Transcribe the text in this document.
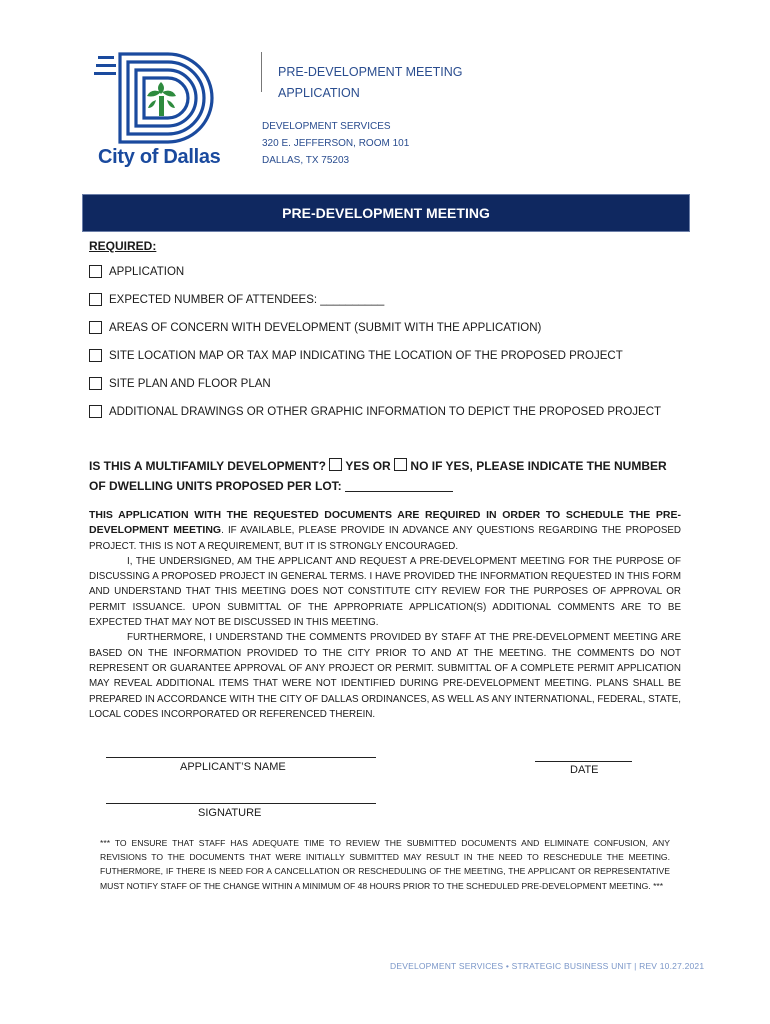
City of Dallas
PRE-DEVELOPMENT MEETING
APPLICATION
DEVELOPMENT SERVICES
320 E. JEFFERSON, ROOM 101
DALLAS, TX 75203
PRE-DEVELOPMENT MEETING
REQUIRED:
APPLICATION
EXPECTED NUMBER OF ATTENDEES: __________
AREAS OF CONCERN WITH DEVELOPMENT (SUBMIT WITH THE APPLICATION)
SITE LOCATION MAP OR TAX MAP INDICATING THE LOCATION OF THE PROPOSED PROJECT
SITE PLAN AND FLOOR PLAN
ADDITIONAL DRAWINGS OR OTHER GRAPHIC INFORMATION TO DEPICT THE PROPOSED PROJECT
IS THIS A MULTIFAMILY DEVELOPMENT? YES OR NO IF YES, PLEASE INDICATE THE NUMBER
OF DWELLING UNITS PROPOSED PER LOT:
THIS APPLICATION WITH THE REQUESTED DOCUMENTS ARE REQUIRED IN ORDER TO SCHEDULE THE PRE-DEVELOPMENT MEETING. IF AVAILABLE, PLEASE PROVIDE IN ADVANCE ANY QUESTIONS REGARDING THE PROPOSED PROJECT. THIS IS NOT A REQUIREMENT, BUT IT IS STRONGLY ENCOURAGED.
I, THE UNDERSIGNED, AM THE APPLICANT AND REQUEST A PRE-DEVELOPMENT MEETING FOR THE PURPOSE OF DISCUSSING A PROPOSED PROJECT IN GENERAL TERMS. I HAVE PROVIDED THE INFORMATION REQUESTED IN THIS FORM AND UNDERSTAND THAT THIS MEETING DOES NOT CONSTITUTE CITY REVIEW FOR THE PURPOSES OF APPROVAL OR PERMIT ISSUANCE. UPON SUBMITTAL OF THE APPROPRIATE APPLICATION(S) ADDITIONAL COMMENTS ARE TO BE EXPECTED THAT MAY NOT BE DISCUSSED IN THIS MEETING.
FURTHERMORE, I UNDERSTAND THE COMMENTS PROVIDED BY STAFF AT THE PRE-DEVELOPMENT MEETING ARE BASED ON THE INFORMATION PROVIDED TO THE CITY PRIOR TO AND AT THE MEETING. THE COMMENTS DO NOT REPRESENT OR GUARANTEE APPROVAL OF ANY PROJECT OR PERMIT. SUBMITTAL OF A COMPLETE PERMIT APPLICATION MAY REVEAL ADDITIONAL ITEMS THAT WERE NOT IDENTIFIED DURING PRE-DEVELOPMENT MEETING. PLANS SHALL BE PREPARED IN ACCORDANCE WITH THE CITY OF DALLAS ORDINANCES, AS WELL AS ANY INTERNATIONAL, FEDERAL, STATE, LOCAL CODES INCORPORATED OR REFERENCED THEREIN.
APPLICANT’S NAME	DATE
SIGNATURE
*** TO ENSURE THAT STAFF HAS ADEQUATE TIME TO REVIEW THE SUBMITTED DOCUMENTS AND ELIMINATE CONFUSION, ANY REVISIONS TO THE DOCUMENTS THAT WERE INITIALLY SUBMITTED MAY RESULT IN THE NEED TO RESCHEDULE THE MEETING. FUTHERMORE, IF THERE IS NEED FOR A CANCELLATION OR RESCHEDULING OF THE MEETING, THE APPLICANT OR REPRESENTATIVE MUST NOTIFY STAFF OF THE CHANGE WITHIN A MINIMUM OF 48 HOURS PRIOR TO THE SCHEDULED PRE-DEVELOPMENT MEETING. ***
DEVELOPMENT SERVICES • STRATEGIC BUSINESS UNIT | REV 10.27.2021
